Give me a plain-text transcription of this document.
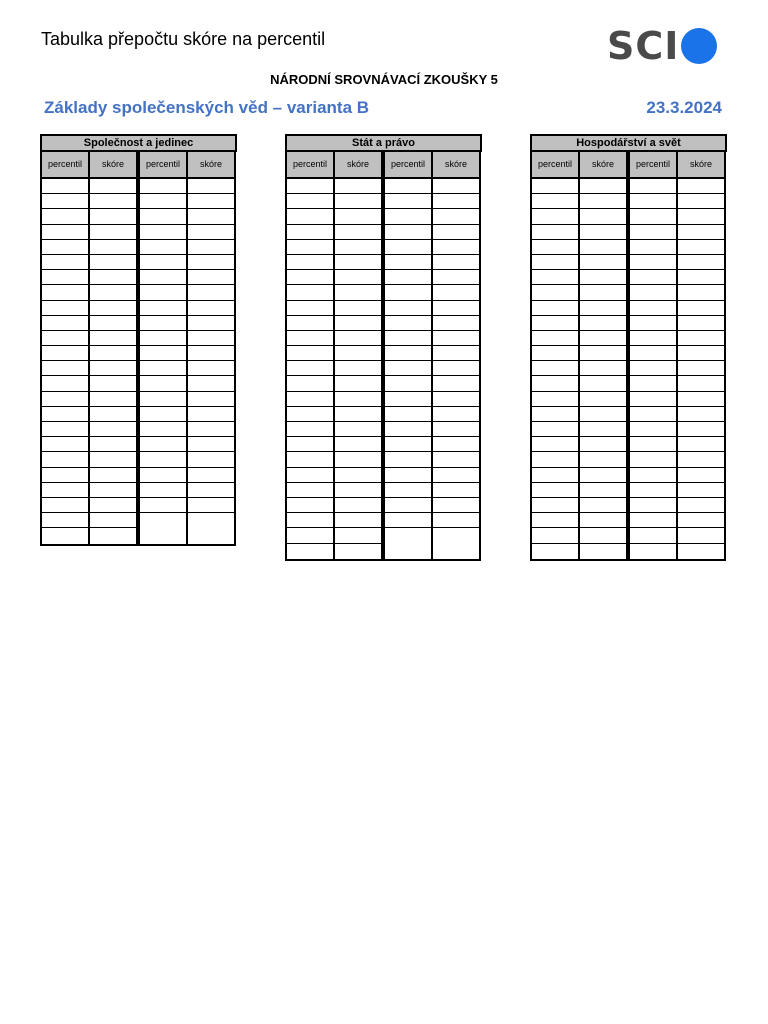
Tabulka přepočtu skóre na percentil	SCI
NÁRODNÍ SROVNÁVACÍ ZKOUŠKY 5
Základy společenských věd – varianta B	23.3.2024
Společnost a jedinec
percentil	skóre	percentil	skóre
Stát a právo
percentil	skóre	percentil	skóre
Hospodářství a svět
percentil	skóre	percentil	skóre
